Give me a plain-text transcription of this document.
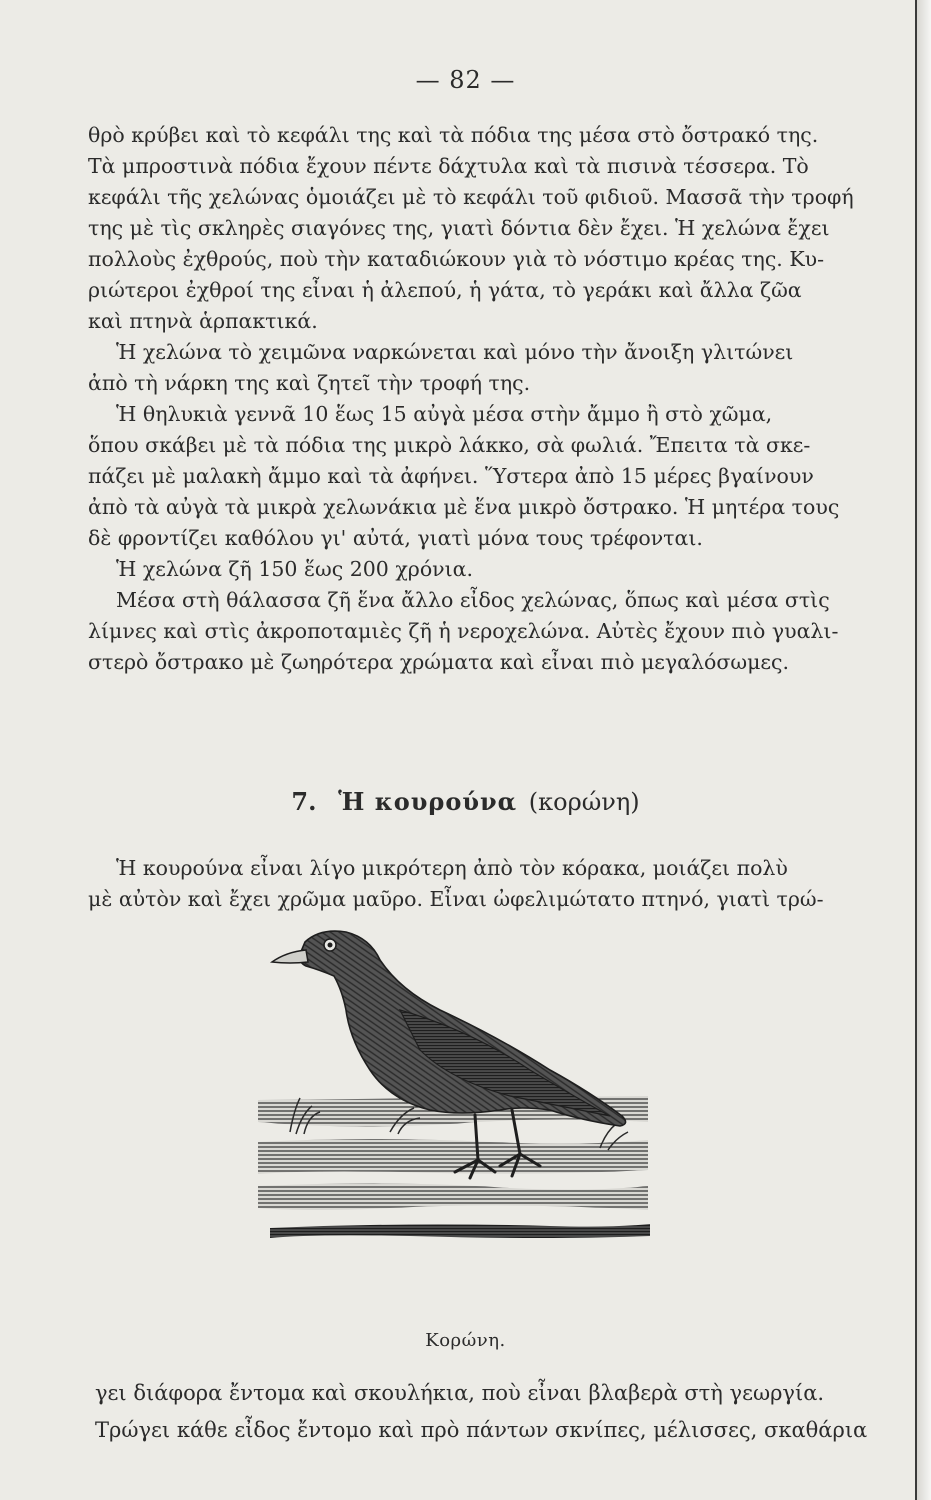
— 82 —

θρὸ κρύβει καὶ τὸ κεφάλι της καὶ τὰ πόδια της μέσα στὸ ὄστρακό της.

Τὰ μπροστινὰ πόδια ἔχουν πέντε δάχτυλα καὶ τὰ πισινὰ τέσσερα. Τὸ

κεφάλι τῆς χελώνας ὁμοιάζει μὲ τὸ κεφάλι τοῦ φιδιοῦ. Μασσᾶ τὴν τροφή

της μὲ τὶς σκληρὲς σιαγόνες της, γιατὶ δόντια δὲν ἔχει. Ἡ χελώνα ἔχει

πολλοὺς ἐχθρούς, ποὺ τὴν καταδιώκουν γιὰ τὸ νόστιμο κρέας της. Κυ-

ριώτεροι ἐχθροί της εἶναι ἡ ἀλεπού, ἡ γάτα, τὸ γεράκι καὶ ἄλλα ζῶα

καὶ πτηνὰ ἁρπακτικά.

Ἡ χελώνα τὸ χειμῶνα ναρκώνεται καὶ μόνο τὴν ἄνοιξη γλιτώνει

ἀπὸ τὴ νάρκη της καὶ ζητεῖ τὴν τροφή της.

Ἡ θηλυκιὰ γεννᾶ 10 ἕως 15 αὐγὰ μέσα στὴν ἄμμο ἢ στὸ χῶμα,

ὅπου σκάβει μὲ τὰ πόδια της μικρὸ λάκκο, σὰ φωλιά. Ἔπειτα τὰ σκε-

πάζει μὲ μαλακὴ ἄμμο καὶ τὰ ἀφήνει. Ὕστερα ἀπὸ 15 μέρες βγαίνουν

ἀπὸ τὰ αὐγὰ τὰ μικρὰ χελωνάκια μὲ ἕνα μικρὸ ὄστρακο. Ἡ μητέρα τους

δὲ φροντίζει καθόλου γι' αὐτά, γιατὶ μόνα τους τρέφονται.

Ἡ χελώνα ζῆ 150 ἕως 200 χρόνια.

Μέσα στὴ θάλασσα ζῆ ἕνα ἄλλο εἶδος χελώνας, ὅπως καὶ μέσα στὶς

λίμνες καὶ στὶς ἀκροποταμιὲς ζῆ ἡ νεροχελώνα. Αὐτὲς ἔχουν πιὸ γυαλι-

στερὸ ὄστρακο μὲ ζωηρότερα χρώματα καὶ εἶναι πιὸ μεγαλόσωμες.

7. Ἡ κουρούνα (κορώνη)

Ἡ κουρούνα εἶναι λίγο μικρότερη ἀπὸ τὸν κόρακα, μοιάζει πολὺ

μὲ αὐτὸν καὶ ἔχει χρῶμα μαῦρο. Εἶναι ὠφελιμώτατο πτηνό, γιατὶ τρώ-

Κορώνη.

γει διάφορα ἔντομα καὶ σκουλήκια, ποὺ εἶναι βλαβερὰ στὴ γεωργία.

Τρώγει κάθε εἶδος ἔντομο καὶ πρὸ πάντων σκνίπες, μέλισσες, σκαθάρια
